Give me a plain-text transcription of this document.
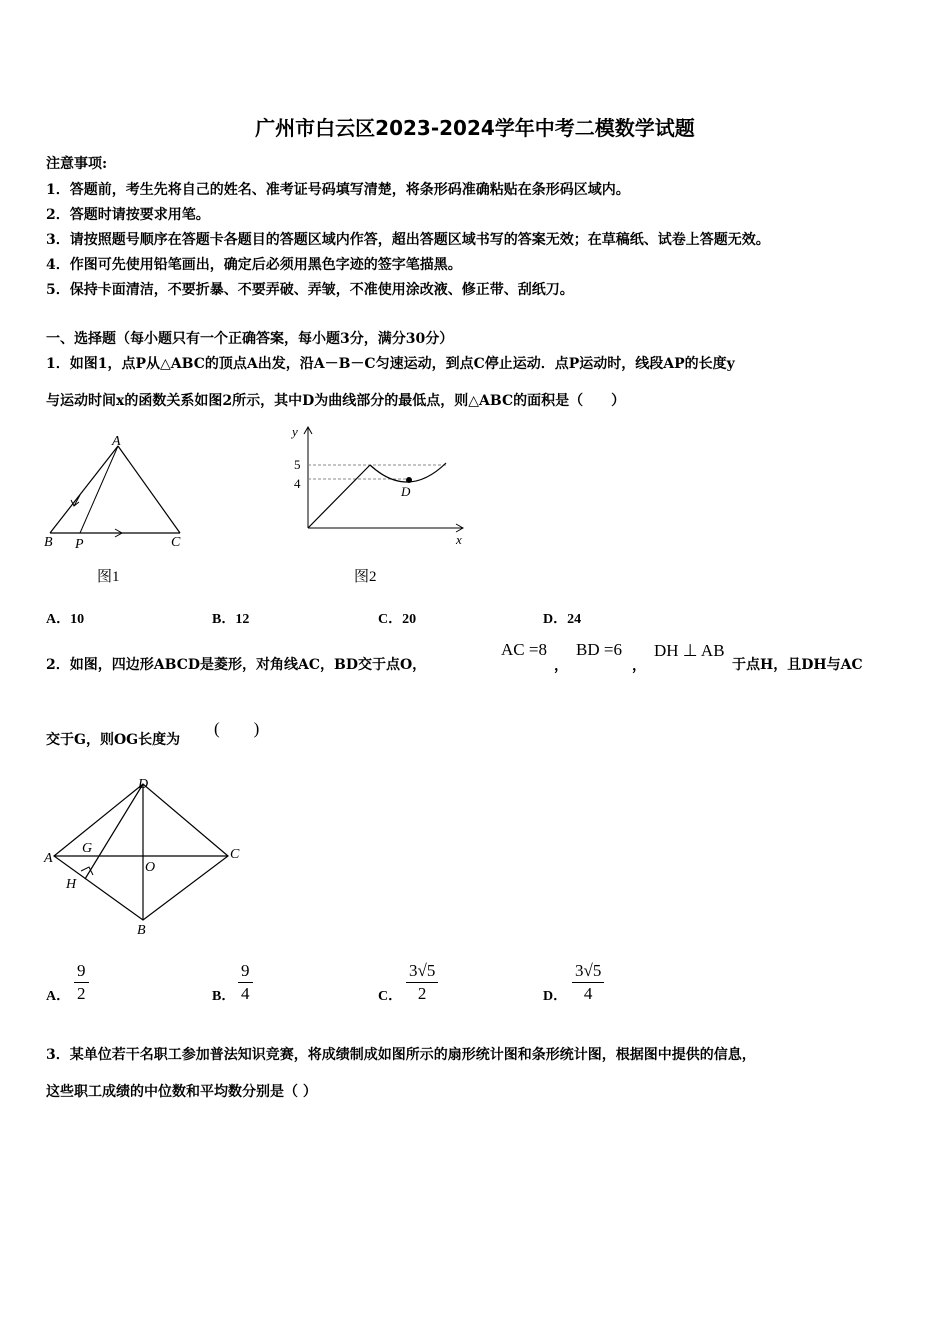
广州市白云区2023-2024学年中考二模数学试题
注意事项:
1．答题前，考生先将自己的姓名、准考证号码填写清楚，将条形码准确粘贴在条形码区域内。
2．答题时请按要求用笔。
3．请按照题号顺序在答题卡各题目的答题区域内作答，超出答题区域书写的答案无效；在草稿纸、试卷上答题无效。
4．作图可先使用铅笔画出，确定后必须用黑色字迹的签字笔描黑。
5．保持卡面清洁，不要折暴、不要弄破、弄皱，不准使用涂改液、修正带、刮纸刀。
一、选择题（每小题只有一个正确答案，每小题3分，满分30分）
1．如图1，点P从△ABC的顶点A出发，沿A－B－C匀速运动，到点C停止运动．点P运动时，线段AP的长度y
与运动时间x的函数关系如图2所示，其中D为曲线部分的最低点，则△ABC的面积是（　　）
A
B	C
P
图1
y
x
5
4
D
图2
A．10	B．12	C．20	D．24
2．如图，四边形ABCD是菱形，对角线AC，BD交于点O，
AC =8
，
BD =6
，
DH ⊥ AB
于点H，且DH与AC
交于G，则OG长度为
(　　)
D
A	C
B
O
G
H
A． $\frac{9}{2}$	B． $\frac{9}{4}$	C． $\frac{3√5}{2}$	D． $\frac{3√5}{4}$
3．某单位若干名职工参加普法知识竞赛，将成绩制成如图所示的扇形统计图和条形统计图，根据图中提供的信息，
这些职工成绩的中位数和平均数分别是（ ）
